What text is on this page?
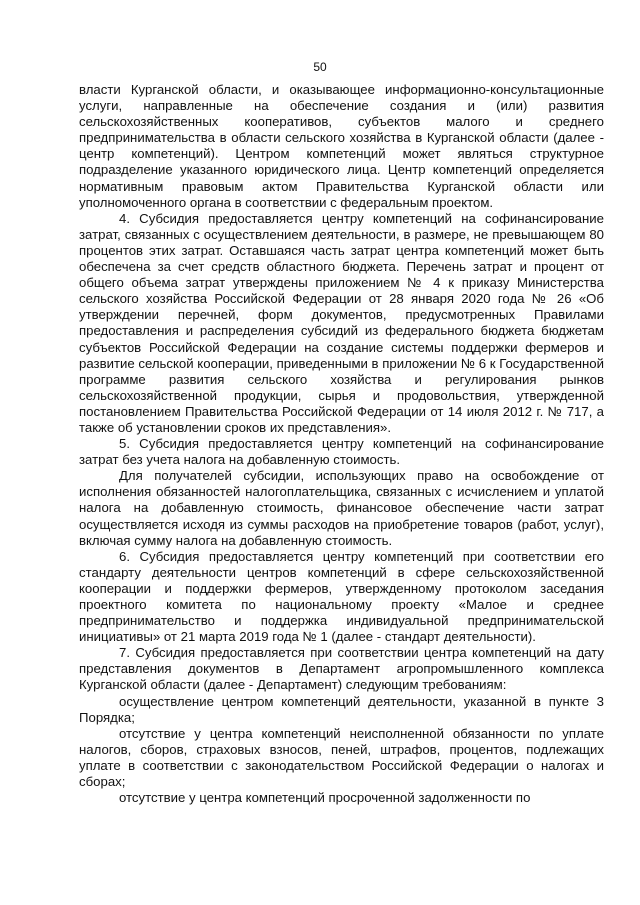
50

власти Курганской области, и оказывающее информационно-консультационные услуги, направленные на обеспечение создания и (или) развития сельскохозяйственных кооперативов, субъектов малого и среднего предпринимательства в области сельского хозяйства в Курганской области (далее - центр компетенций). Центром компетенций может являться структурное подразделение указанного юридического лица. Центр компетенций определяется нормативным правовым актом Правительства Курганской области или уполномоченного органа в соответствии с федеральным проектом.

4. Субсидия предоставляется центру компетенций на софинансирование затрат, связанных с осуществлением деятельности, в размере, не превышающем 80 процентов этих затрат. Оставшаяся часть затрат центра компетенций может быть обеспечена за счет средств областного бюджета. Перечень затрат и процент от общего объема затрат утверждены приложением № 4 к приказу Министерства сельского хозяйства Российской Федерации от 28 января 2020 года № 26 «Об утверждении перечней, форм документов, предусмотренных Правилами предоставления и распределения субсидий из федерального бюджета бюджетам субъектов Российской Федерации на создание системы поддержки фермеров и развитие сельской кооперации, приведенными в приложении № 6 к Государственной программе развития сельского хозяйства и регулирования рынков сельскохозяйственной продукции, сырья и продовольствия, утвержденной постановлением Правительства Российской Федерации от 14 июля 2012 г. № 717, а также об установлении сроков их представления».

5. Субсидия предоставляется центру компетенций на софинансирование затрат без учета налога на добавленную стоимость.

Для получателей субсидии, использующих право на освобождение от исполнения обязанностей налогоплательщика, связанных с исчислением и уплатой налога на добавленную стоимость, финансовое обеспечение части затрат осуществляется исходя из суммы расходов на приобретение товаров (работ, услуг), включая сумму налога на добавленную стоимость.

6. Субсидия предоставляется центру компетенций при соответствии его стандарту деятельности центров компетенций в сфере сельскохозяйственной кооперации и поддержки фермеров, утвержденному протоколом заседания проектного комитета по национальному проекту «Малое и среднее предпринимательство и поддержка индивидуальной предпринимательской инициативы» от 21 марта 2019 года № 1 (далее - стандарт деятельности).

7. Субсидия предоставляется при соответствии центра компетенций на дату представления документов в Департамент агропромышленного комплекса Курганской области (далее - Департамент) следующим требованиям:

осуществление центром компетенций деятельности, указанной в пункте 3 Порядка;

отсутствие у центра компетенций неисполненной обязанности по уплате налогов, сборов, страховых взносов, пеней, штрафов, процентов, подлежащих уплате в соответствии с законодательством Российской Федерации о налогах и сборах;

отсутствие у центра компетенций просроченной задолженности по
